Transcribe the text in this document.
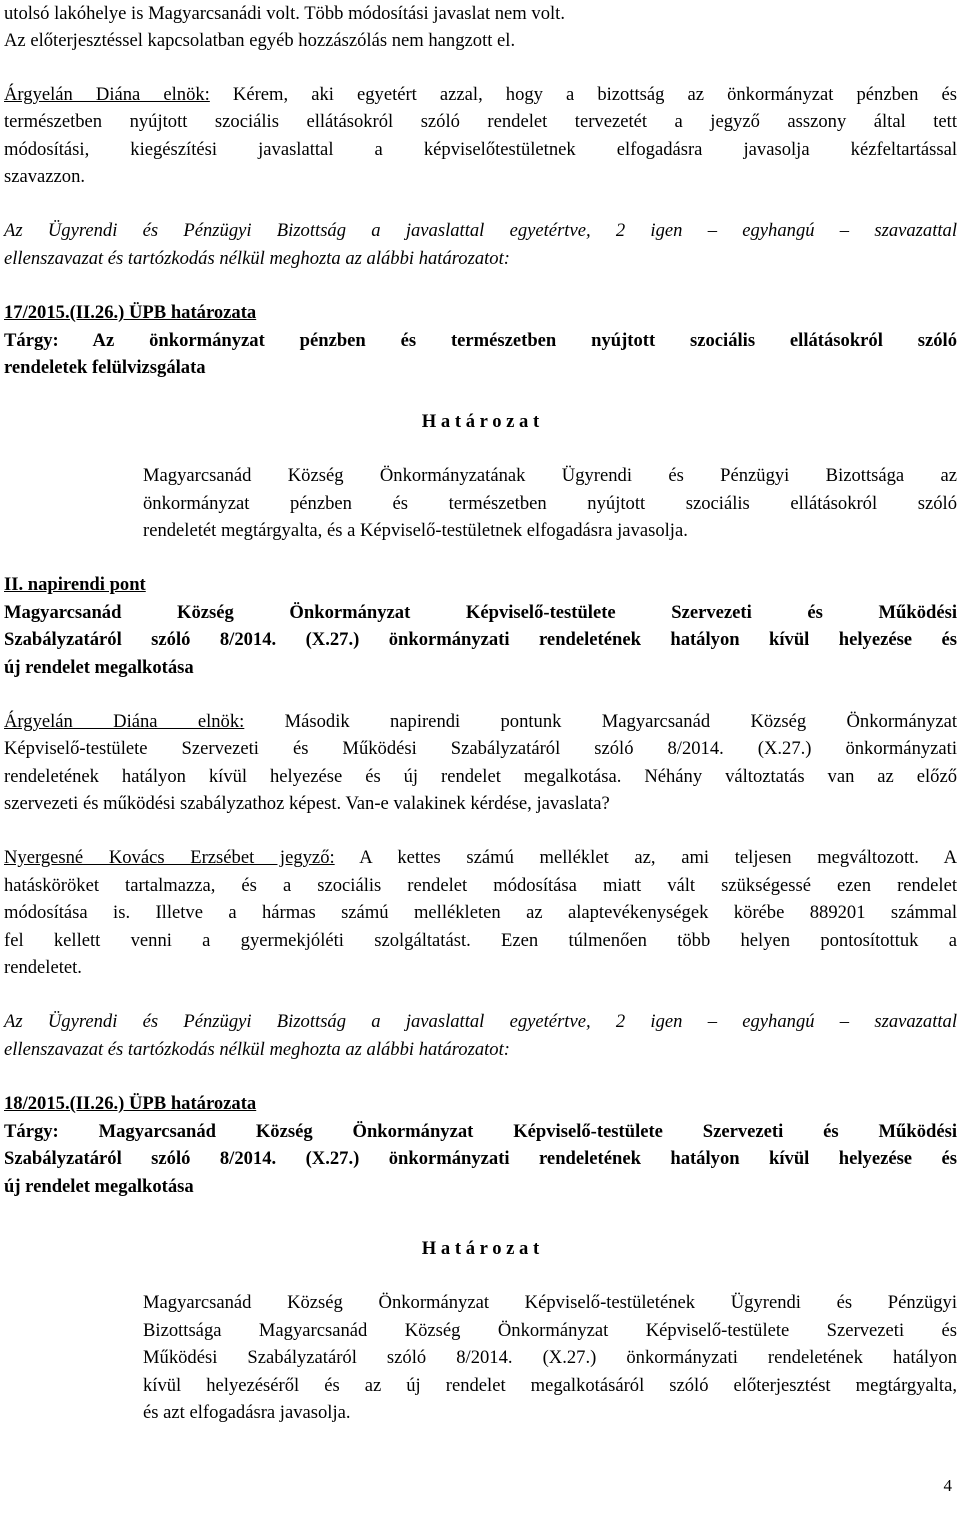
utolsó lakóhelye is Magyarcsanádi volt. Több módosítási javaslat nem volt.
Az előterjesztéssel kapcsolatban egyéb hozzászólás nem hangzott el.
Árgyelán Diána elnök: Kérem, aki egyetért azzal, hogy a bizottság az önkormányzat pénzben és
természetben nyújtott szociális ellátásokról szóló rendelet tervezetét a jegyző asszony által tett
módosítási, kiegészítési javaslattal a képviselőtestületnek elfogadásra javasolja kézfeltartással
szavazzon.
Az Ügyrendi és Pénzügyi Bizottság a javaslattal egyetértve, 2 igen – egyhangú – szavazattal
ellenszavazat és tartózkodás nélkül meghozta az alábbi határozatot:
17/2015.(II.26.) ÜPB határozata
Tárgy: Az önkormányzat pénzben és természetben nyújtott szociális ellátásokról szóló
rendeletek felülvizsgálata
H a t á r o z a t
Magyarcsanád Község Önkormányzatának Ügyrendi és Pénzügyi Bizottsága az
önkormányzat pénzben és természetben nyújtott szociális ellátásokról szóló
rendeletét megtárgyalta, és a Képviselő-testületnek elfogadásra javasolja.
II. napirendi pont
Magyarcsanád Község Önkormányzat Képviselő-testülete Szervezeti és Működési
Szabályzatáról szóló 8/2014. (X.27.) önkormányzati rendeletének hatályon kívül helyezése és
új rendelet megalkotása
Árgyelán Diána elnök: Második napirendi pontunk Magyarcsanád Község Önkormányzat
Képviselő-testülete Szervezeti és Működési Szabályzatáról szóló 8/2014. (X.27.) önkormányzati
rendeletének hatályon kívül helyezése és új rendelet megalkotása. Néhány változtatás van az előző
szervezeti és működési szabályzathoz képest. Van-e valakinek kérdése, javaslata?
Nyergesné Kovács Erzsébet jegyző: A kettes számú melléklet az, ami teljesen megváltozott. A
hatásköröket tartalmazza, és a szociális rendelet módosítása miatt vált szükségessé ezen rendelet
módosítása is. Illetve a hármas számú mellékleten az alaptevékenységek körébe 889201 számmal
fel kellett venni a gyermekjóléti szolgáltatást. Ezen túlmenően több helyen pontosítottuk a
rendeletet.
Az Ügyrendi és Pénzügyi Bizottság a javaslattal egyetértve, 2 igen – egyhangú – szavazattal
ellenszavazat és tartózkodás nélkül meghozta az alábbi határozatot:
18/2015.(II.26.) ÜPB határozata
Tárgy: Magyarcsanád Község Önkormányzat Képviselő-testülete Szervezeti és Működési
Szabályzatáról szóló 8/2014. (X.27.) önkormányzati rendeletének hatályon kívül helyezése és
új rendelet megalkotása
H a t á r o z a t
Magyarcsanád Község Önkormányzat Képviselő-testületének Ügyrendi és Pénzügyi
Bizottsága Magyarcsanád Község Önkormányzat Képviselő-testülete Szervezeti és
Működési Szabályzatáról szóló 8/2014. (X.27.) önkormányzati rendeletének hatályon
kívül helyezéséről és az új rendelet megalkotásáról szóló előterjesztést megtárgyalta,
és azt elfogadásra javasolja.
4
